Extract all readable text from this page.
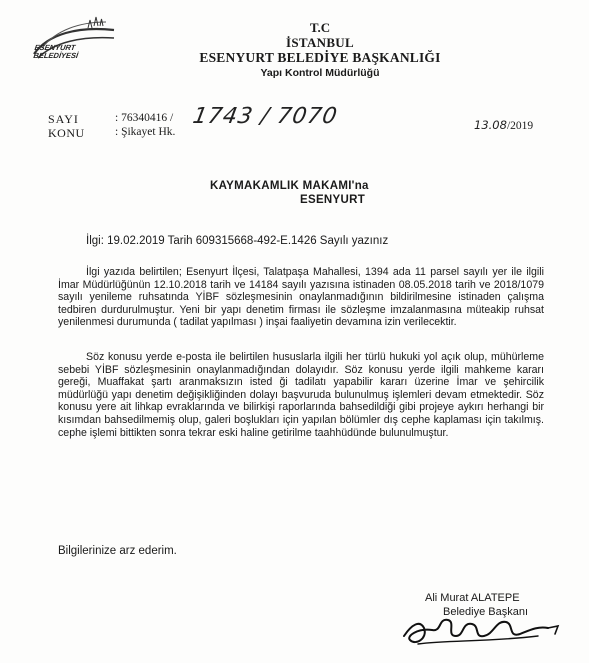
ESENYURT
BELEDİYESİ
T.C
İSTANBUL
ESENYURT BELEDİYE BAŞKANLIĞI
Yapı Kontrol Müdürlüğü
SAYI	: 76340416 /
KONU	: Şikayet Hk.
1743 / 7070	13.08/2019
KAYMAKAMLIK MAKAMI'na
ESENYURT
İlgi: 19.02.2019 Tarih 609315668-492-E.1426 Sayılı yazınız
İlgi yazıda belirtilen; Esenyurt İlçesi, Talatpaşa Mahallesi, 1394 ada 11 parsel sayılı yer ile ilgili İmar Müdürlüğünün 12.10.2018 tarih ve 14184 sayılı yazısına istinaden 08.05.2018 tarih ve 2018/1079 sayılı yenileme ruhsatında YİBF sözleşmesinin onaylanmadığının bildirilmesine istinaden çalışma tedbiren durdurulmuştur. Yeni bir yapı denetim firması ile sözleşme imzalanmasına müteakip ruhsat yenilenmesi durumunda ( tadilat yapılması ) inşai faaliyetin devamına izin verilecektir.
Söz konusu yerde e-posta ile belirtilen hususlarla ilgili her türlü hukuki yol açık olup, mühürleme sebebi YİBF sözleşmesinin onaylanmadığından dolayıdır. Söz konusu yerde ilgili mahkeme kararı gereği, Muaffakat şartı aranmaksızın isted ği tadilatı yapabilir kararı üzerine İmar ve şehircilik müdürlüğü yapı denetim değişikliğinden dolayı başvuruda bulunulmuş işlemleri devam etmektedir. Söz konusu yere ait lihkap evraklarında ve bilirkişi raporlarında bahsedildiği gibi projeye aykırı herhangi bir kısımdan bahsedilmemiş olup, galeri boşlukları için yapılan bölümler dış cephe kaplaması için takılmış. cephe işlemi bittikten sonra tekrar eski haline getirilme taahhüdünde bulunulmuştur.
Bilgilerinize arz ederim.
Ali Murat ALATEPE
Belediye Başkanı
